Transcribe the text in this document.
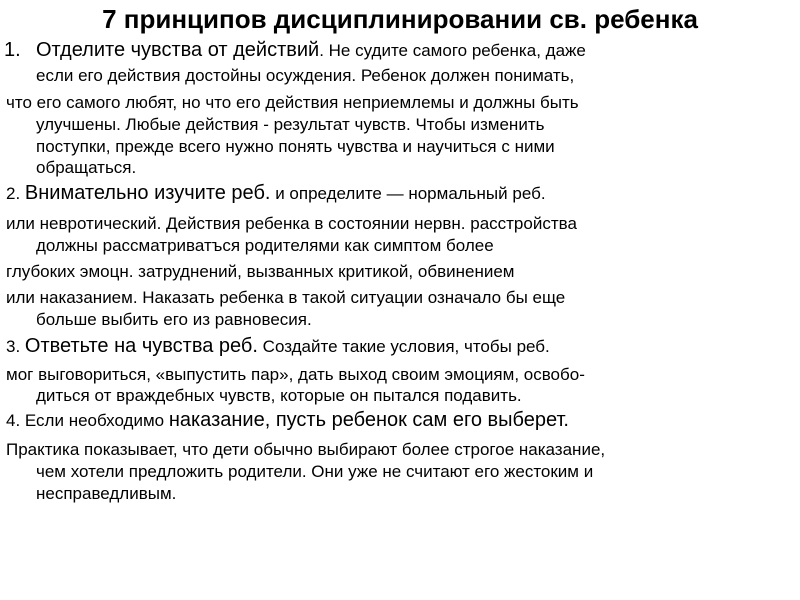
7 принципов дисциплинировании св. ребенка
1. Отделите чувства от действий. Не судите самого ребенка, даже
если его действия достойны осуждения. Ребенок должен понимать,
что его самого любят, но что его действия неприемлемы и должны быть
улучшены. Любые действия - результат чувств. Чтобы изменить
поступки, прежде всего нужно понять чувства и научиться с ними
обращаться.
2. Внимательно изучите реб. и определите — нормальный реб.
или невротический. Действия ребенка в состоянии нервн. расстройства
должны рассматриватъся родителями как симптом более
глубоких эмоцн. затруднений, вызванных критикой, обвинением
или наказанием. Наказать ребенка в такой ситуации означало бы еще
больше выбить его из равновесия.
3. Ответьте на чувства реб. Создайте такие условия, чтобы реб.
мог выговориться, «выпустить пар», дать выход своим эмоциям, освобо-
диться от враждебных чувств, которые он пытался подавить.
4. Если необходимо наказание, пусть ребенок сам его выберет.
Практика показывает, что дети обычно выбирают более строгое наказание,
чем хотели предложить родители. Они уже не считают его жестоким и
несправедливым.
